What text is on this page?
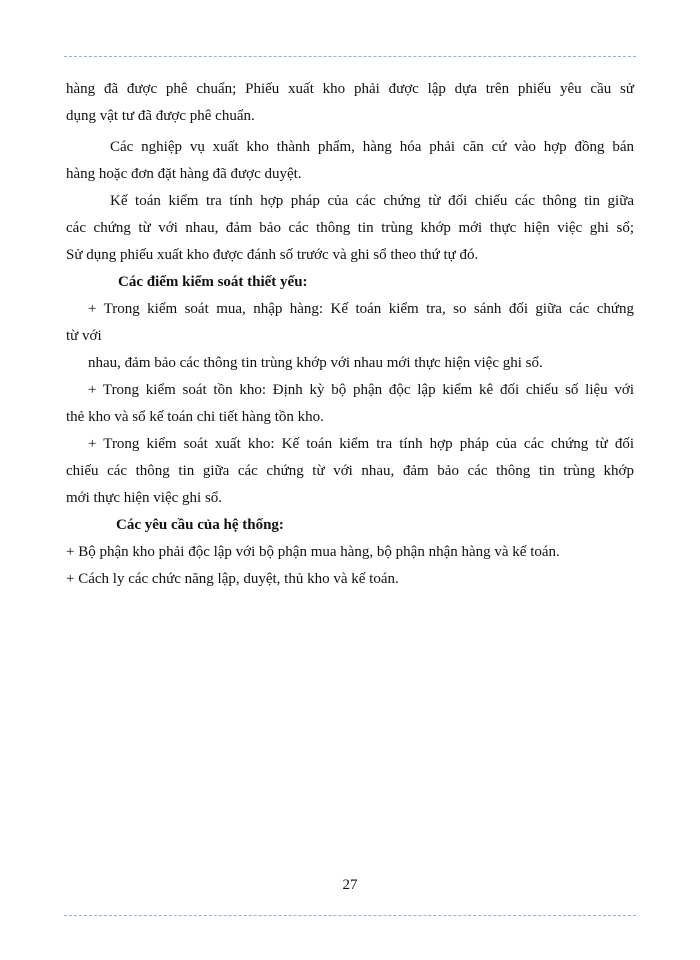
hàng đã được phê chuẩn; Phiếu xuất kho phải được lập dựa trên phiếu yêu cầu sử
dụng vật tư đã được phê chuẩn.
Các nghiệp vụ xuất kho thành phẩm, hàng hóa phải căn cứ vào hợp đồng bán
hàng hoặc đơn đặt hàng đã được duyệt.
Kế toán kiểm tra tính hợp pháp của các chứng từ đối chiếu các thông tin giữa
các chứng từ với nhau, đảm bảo các thông tin trùng khớp mới thực hiện việc ghi sổ;
Sử dụng phiếu xuất kho được đánh số trước và ghi sổ theo thứ tự đó.
Các điểm kiểm soát thiết yếu:
+ Trong kiểm soát mua, nhập hàng: Kế toán kiểm tra, so sánh đối giữa các chứng
từ với
nhau, đảm bảo các thông tin trùng khớp với nhau mới thực hiện việc ghi sổ.
+ Trong kiểm soát tồn kho: Định kỳ bộ phận độc lập kiểm kê đối chiếu số liệu với
thẻ kho và sổ kế toán chi tiết hàng tồn kho.
+ Trong kiểm soát xuất kho: Kế toán kiểm tra tính hợp pháp của các chứng từ đối
chiếu các thông tin giữa các chứng từ với nhau, đảm bảo các thông tin trùng khớp
mới thực hiện việc ghi sổ.
Các yêu cầu của hệ thống:
+ Bộ phận kho phải độc lập với bộ phận mua hàng, bộ phận nhận hàng và kế toán.
+ Cách ly các chức năng lập, duyệt, thủ kho và kế toán.
27
